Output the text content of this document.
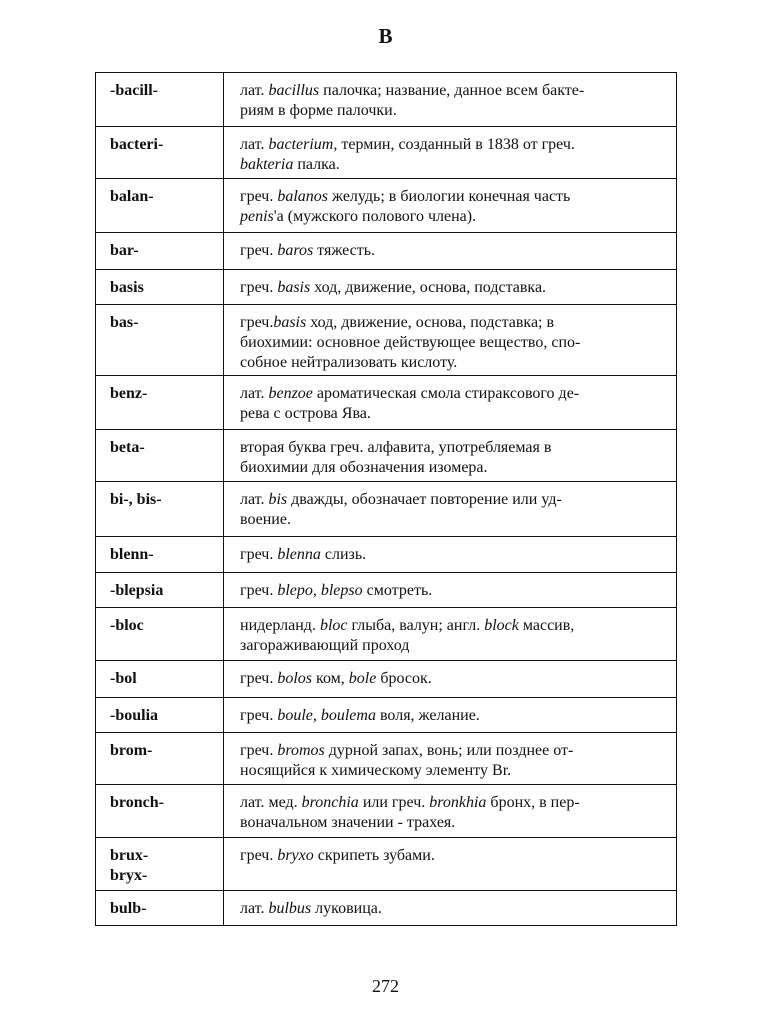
B
-bacill-	лат. bacillus палочка; название, данное всем бакте-
риям в форме палочки.
bacteri-	лат. bacterium, термин, созданный в 1838 от греч.
bakteria палка.
balan-	греч. balanos желудь; в биологии конечная часть
penis'а (мужского полового члена).
bar-	греч. baros тяжесть.
basis	греч. basis ход, движение, основа, подставка.
bas-	греч.basis ход, движение, основа, подставка; в
биохимии: основное действующее вещество, спо-
собное нейтрализовать кислоту.
benz-	лат. benzoe ароматическая смола стираксового де-
рева с острова Ява.
beta-	вторая буква греч. алфавита, употребляемая в
биохимии для обозначения изомера.
bi-, bis-	лат. bis дважды, обозначает повторение или уд-
воение.
blenn-	греч. blenna слизь.
-blepsia	греч. blepo, blepso смотреть.
-bloc	нидерланд. bloc глыба, валун; англ. block массив,
загораживающий проход
-bol	греч. bolos ком, bole бросок.
-boulia	греч. boule, boulema воля, желание.
brom-	греч. bromos дурной запах, вонь; или позднее от-
носящийся к химическому элементу Br.
bronch-	лат. мед. bronchia или греч. bronkhia бронх, в пер-
воначальном значении - трахея.
brux-
bryx-	греч. bryxo скрипеть зубами.
bulb-	лат. bulbus луковица.
272
